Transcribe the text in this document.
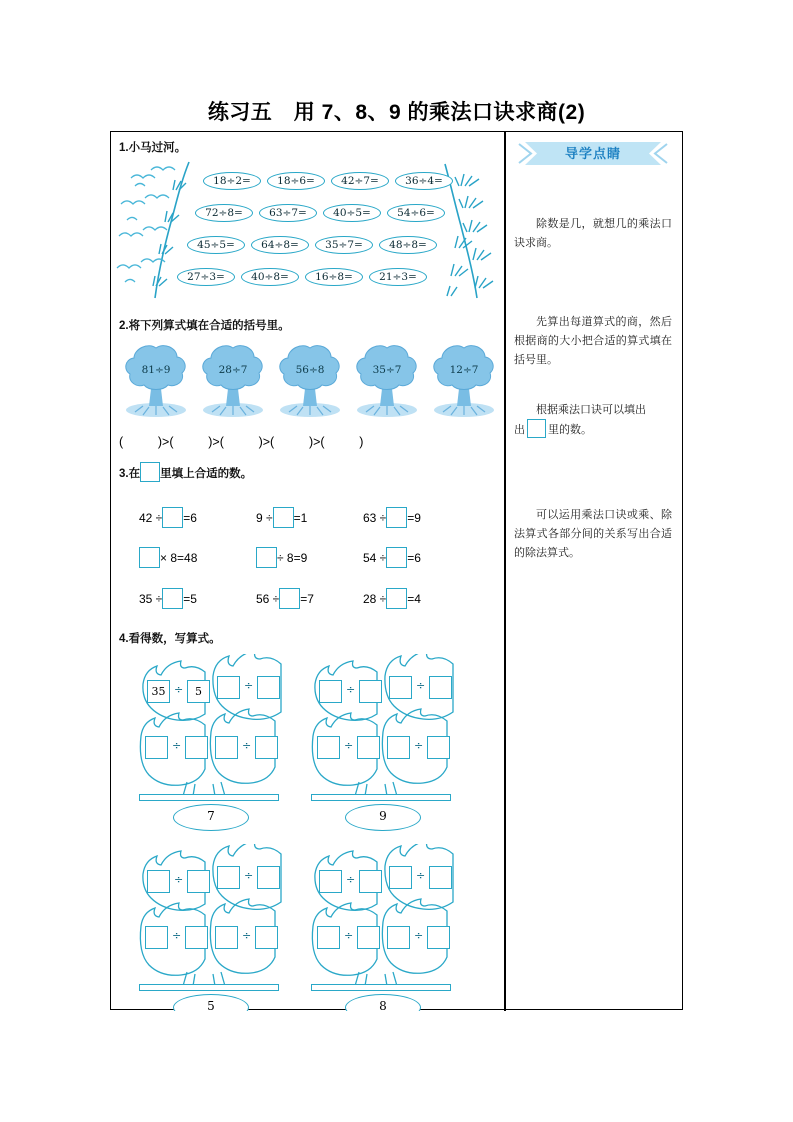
练习五　用 7、8、9 的乘法口诀求商(2)
1.小马过河。
18÷2=	18÷6=	42÷7=	36÷4=
72÷8=	63÷7=	40÷5=	54÷6=
45÷5=	64÷8=	35÷7=	48÷8=
27÷3=	40÷8=	16÷8=	21÷3=
2.将下列算式填在合适的括号里。
81÷9	28÷7	56÷8	35÷7	12÷7
(          )>(          )>(          )>(          )>(          )
3.在 里填上合适的数。
42 ÷ =6	9 ÷ =1	63 ÷ =9
× 8=48	÷ 8=9	54 ÷ =6
35 ÷ =5	56 ÷ =7	28 ÷ =4
4.看得数，写算式。
7
35 ÷	5	÷
÷	÷
9
÷	÷
÷	÷
5
÷	÷
÷	÷
8
÷	÷
÷	÷
导学点睛
除数是几，就想几的乘法口诀求商。
先算出每道算式的商，然后根据商的大小把合适的算式填在括号里。
根据乘法口诀可以填出
出 里的数。
可以运用乘法口诀或乘、除法算式各部分间的关系写出合适的除法算式。
